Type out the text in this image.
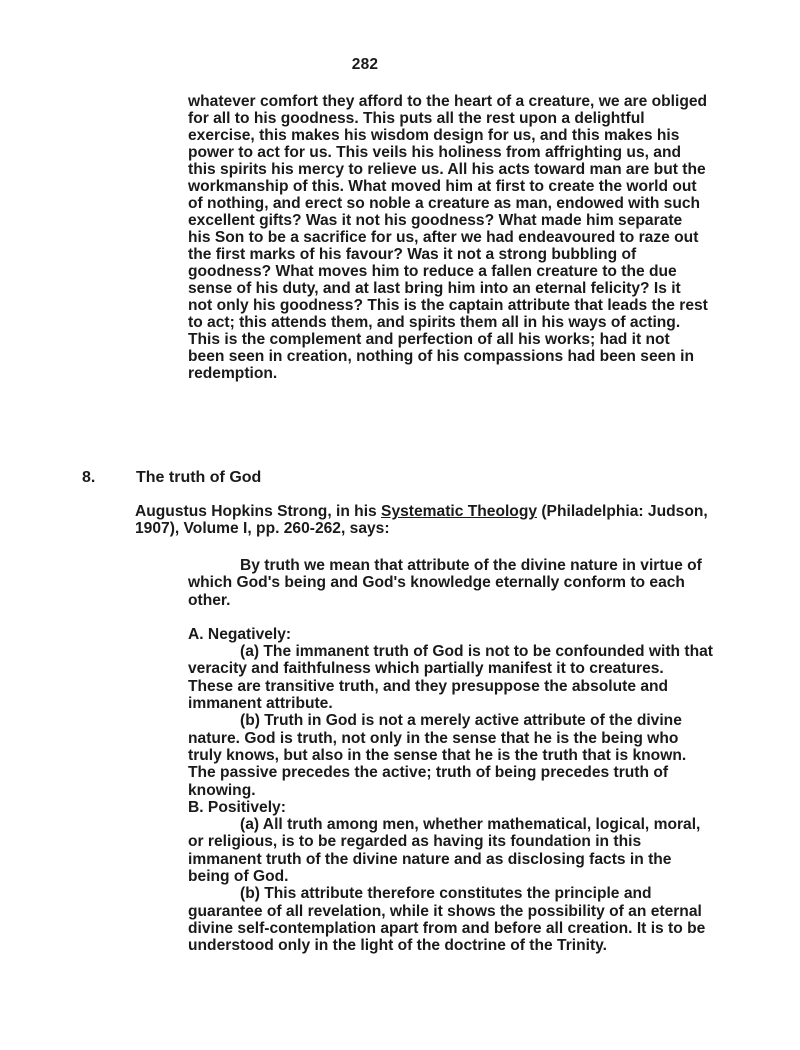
282

whatever comfort they afford to the heart of a creature, we are obliged for all to his goodness. This puts all the rest upon a delightful exercise, this makes his wisdom design for us, and this makes his power to act for us. This veils his holiness from affrighting us, and this spirits his mercy to relieve us. All his acts toward man are but the workmanship of this. What moved him at first to create the world out of nothing, and erect so noble a creature as man, endowed with such excellent gifts? Was it not his goodness? What made him separate his Son to be a sacrifice for us, after we had endeavoured to raze out the first marks of his favour? Was it not a strong bubbling of goodness? What moves him to reduce a fallen creature to the due sense of his duty, and at last bring him into an eternal felicity? Is it not only his goodness? This is the captain attribute that leads the rest to act; this attends them, and spirits them all in his ways of acting. This is the complement and perfection of all his works; had it not been seen in creation, nothing of his compassions had been seen in redemption.

8.	The truth of God

Augustus Hopkins Strong, in his Systematic Theology (Philadelphia: Judson, 1907), Volume I, pp. 260-262, says:

By truth we mean that attribute of the divine nature in virtue of which God's being and God's knowledge eternally conform to each other.

A. Negatively:

(a) The immanent truth of God is not to be confounded with that veracity and faithfulness which partially manifest it to creatures. These are transitive truth, and they presuppose the absolute and immanent attribute.

(b) Truth in God is not a merely active attribute of the divine nature. God is truth, not only in the sense that he is the being who truly knows, but also in the sense that he is the truth that is known. The passive precedes the active; truth of being precedes truth of knowing.

B. Positively:

(a) All truth among men, whether mathematical, logical, moral, or religious, is to be regarded as having its foundation in this immanent truth of the divine nature and as disclosing facts in the being of God.

(b) This attribute therefore constitutes the principle and guarantee of all revelation, while it shows the possibility of an eternal divine self-contemplation apart from and before all creation. It is to be understood only in the light of the doctrine of the Trinity.
